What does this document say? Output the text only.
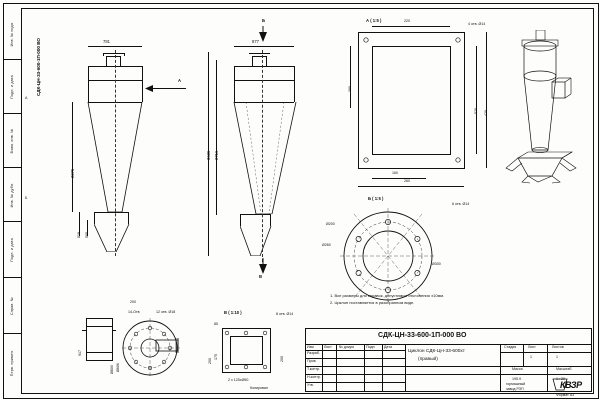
Инв. № подл.
Подп. и дата
Взам. инв. №
Инв. № дубл.
Подп. и дата
Справ. №
Перв. примен.
A
Б
СДК-ЦН-33-600-1П-000 ВО	781
2275
819 505
А
Б
877
2716
3635
В
А ( 1:5 )
4 отв. Ø14
220
160
260
380
520 420
Б ( 1:5 )
6 отв. Ø14
Ø200
Ø260
Ø300
1. Все размеры для справок, допустимые отклонения ±10мм.
2. Циклон поставляется в разобранном виде.
В ( 1:10 )	8 отв. Ø14
175
200	200
2 х 125хØ50
85
200
14-Отв	12 отв. Ø18
917
Ø606
Ø800
СДК-ЦН-33-600-1П-000 ВО
Изм	Лист № докум	Подп	Дата
Разраб.
Пров.
Т.контр.
Н.контр.
Утв.
Циклон СДК-ЦН-33-600хт
(правый)
Стадия	Лист	Листов
1	1
Масса	Масштаб
195.9	1 : 20
КВЗР
гормашный
завод РЗП
Копировал
Формат А3
